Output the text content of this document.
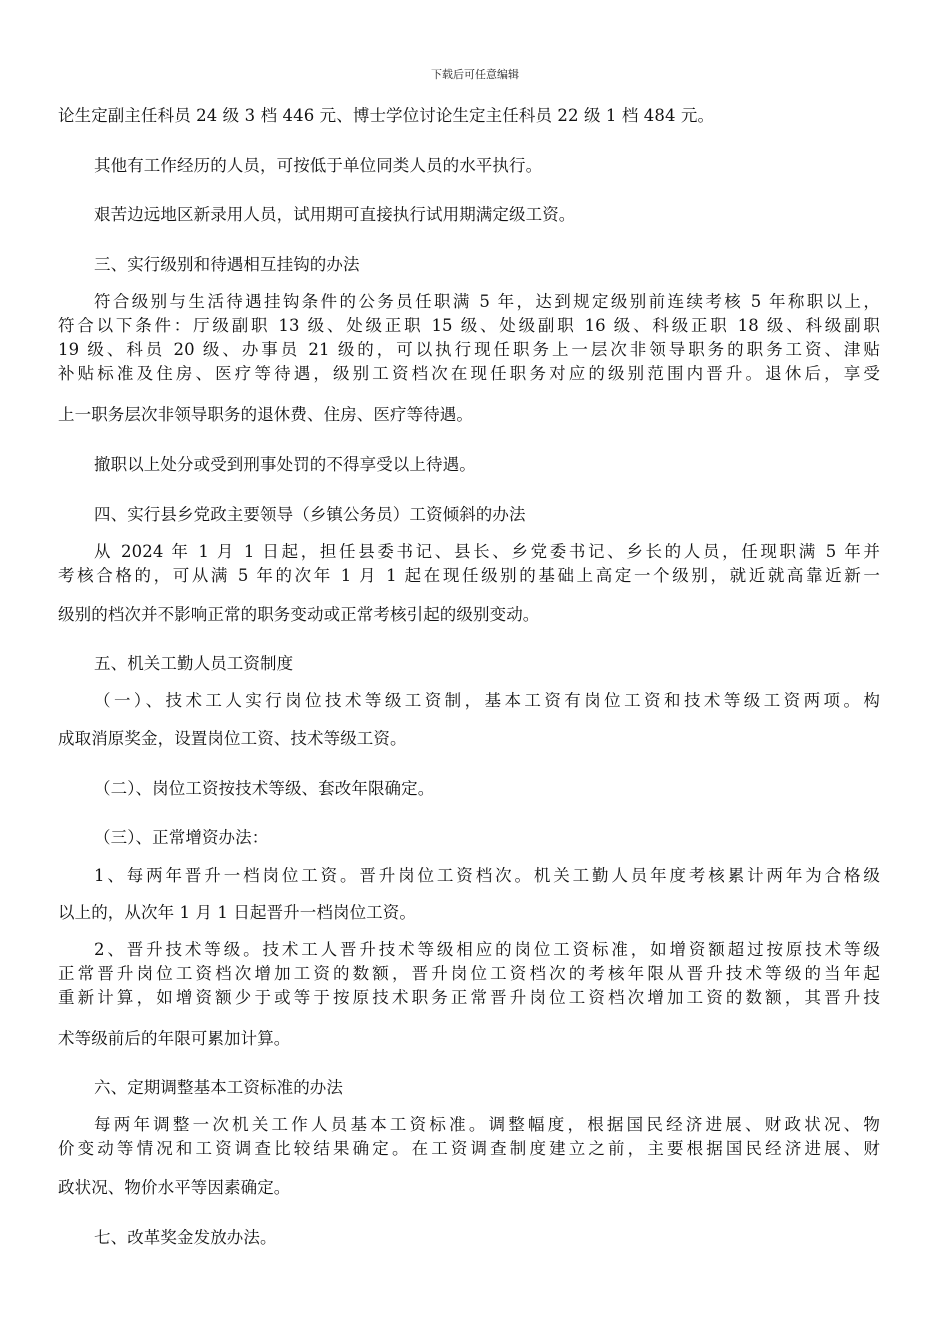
下载后可任意编辑
论生定副主任科员 24 级 3 档 446 元、博士学位讨论生定主任科员 22 级 1 档 484 元。
其他有工作经历的人员，可按低于单位同类人员的水平执行。
艰苦边远地区新录用人员，试用期可直接执行试用期满定级工资。
三、实行级别和待遇相互挂钩的办法
符合级别与生活待遇挂钩条件的公务员任职满 5 年，达到规定级别前连续考核 5 年称职以上，
符合以下条件：厅级副职 13 级、处级正职 15 级、处级副职 16 级、科级正职 18 级、科级副职
19 级、科员 20 级、办事员 21 级的，可以执行现任职务上一层次非领导职务的职务工资、津贴
补贴标准及住房、医疗等待遇，级别工资档次在现任职务对应的级别范围内晋升。退休后，享受
上一职务层次非领导职务的退休费、住房、医疗等待遇。
撤职以上处分或受到刑事处罚的不得享受以上待遇。
四、实行县乡党政主要领导（乡镇公务员）工资倾斜的办法
从 2024 年 1 月 1 日起，担任县委书记、县长、乡党委书记、乡长的人员，任现职满 5 年并
考核合格的，可从满 5 年的次年 1 月 1 起在现任级别的基础上高定一个级别，就近就高靠近新一
级别的档次并不影响正常的职务变动或正常考核引起的级别变动。
五、机关工勤人员工资制度
（一）、技术工人实行岗位技术等级工资制，基本工资有岗位工资和技术等级工资两项。构
成取消原奖金，设置岗位工资、技术等级工资。
（二）、岗位工资按技术等级、套改年限确定。
（三）、正常增资办法：
1、每两年晋升一档岗位工资。晋升岗位工资档次。机关工勤人员年度考核累计两年为合格级
以上的，从次年 1 月 1 日起晋升一档岗位工资。
2、晋升技术等级。技术工人晋升技术等级相应的岗位工资标准，如增资额超过按原技术等级
正常晋升岗位工资档次增加工资的数额，晋升岗位工资档次的考核年限从晋升技术等级的当年起
重新计算，如增资额少于或等于按原技术职务正常晋升岗位工资档次增加工资的数额，其晋升技
术等级前后的年限可累加计算。
六、定期调整基本工资标准的办法
每两年调整一次机关工作人员基本工资标准。调整幅度，根据国民经济进展、财政状况、物
价变动等情况和工资调查比较结果确定。在工资调查制度建立之前，主要根据国民经济进展、财
政状况、物价水平等因素确定。
七、改革奖金发放办法。
